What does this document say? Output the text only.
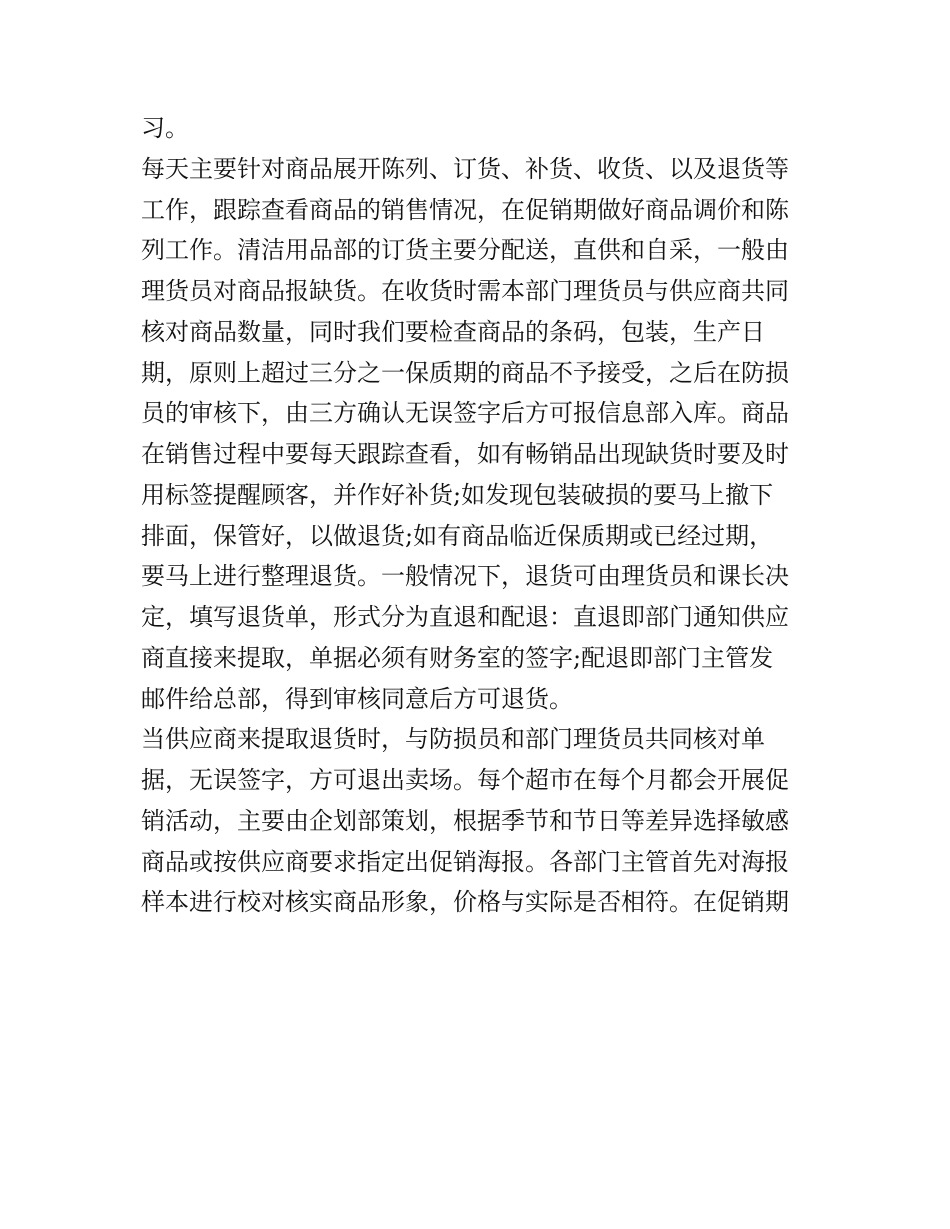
习。
每天主要针对商品展开陈列、订货、补货、收货、以及退货等
工作，跟踪查看商品的销售情况，在促销期做好商品调价和陈
列工作。清洁用品部的订货主要分配送，直供和自采，一般由
理货员对商品报缺货。在收货时需本部门理货员与供应商共同
核对商品数量，同时我们要检查商品的条码，包装，生产日
期，原则上超过三分之一保质期的商品不予接受，之后在防损
员的审核下，由三方确认无误签字后方可报信息部入库。商品
在销售过程中要每天跟踪查看，如有畅销品出现缺货时要及时
用标签提醒顾客，并作好补货;如发现包装破损的要马上撤下
排面，保管好，以做退货;如有商品临近保质期或已经过期，
要马上进行整理退货。一般情况下，退货可由理货员和课长决
定，填写退货单，形式分为直退和配退：直退即部门通知供应
商直接来提取，单据必须有财务室的签字;配退即部门主管发
邮件给总部，得到审核同意后方可退货。
当供应商来提取退货时，与防损员和部门理货员共同核对单
据，无误签字，方可退出卖场。每个超市在每个月都会开展促
销活动，主要由企划部策划，根据季节和节日等差异选择敏感
商品或按供应商要求指定出促销海报。各部门主管首先对海报
样本进行校对核实商品形象，价格与实际是否相符。在促销期
